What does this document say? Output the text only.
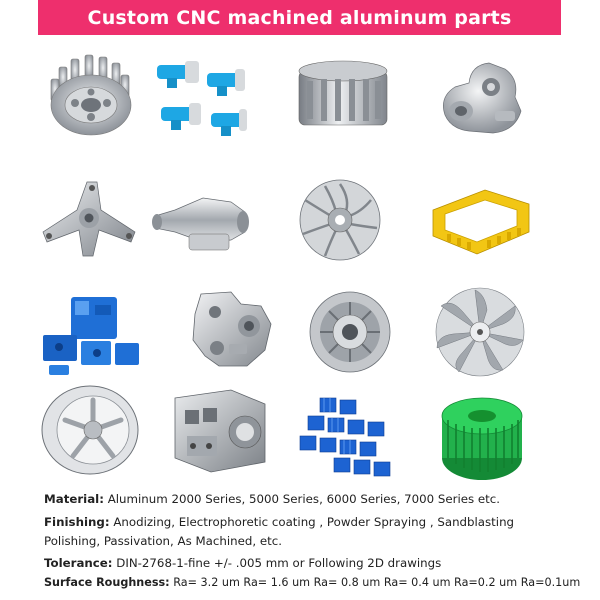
Custom CNC machined aluminum parts
Material: Aluminum 2000 Series, 5000 Series, 6000 Series, 7000 Series etc.
Finishing: Anodizing, Electrophoretic coating , Powder Spraying , Sandblasting
Polishing, Passivation, As Machined, etc.
Tolerance: DIN-2768-1-fine +/- .005 mm or Following 2D drawings
Surface Roughness: Ra= 3.2 um Ra= 1.6 um Ra= 0.8 um Ra= 0.4 um Ra=0.2 um Ra=0.1um
